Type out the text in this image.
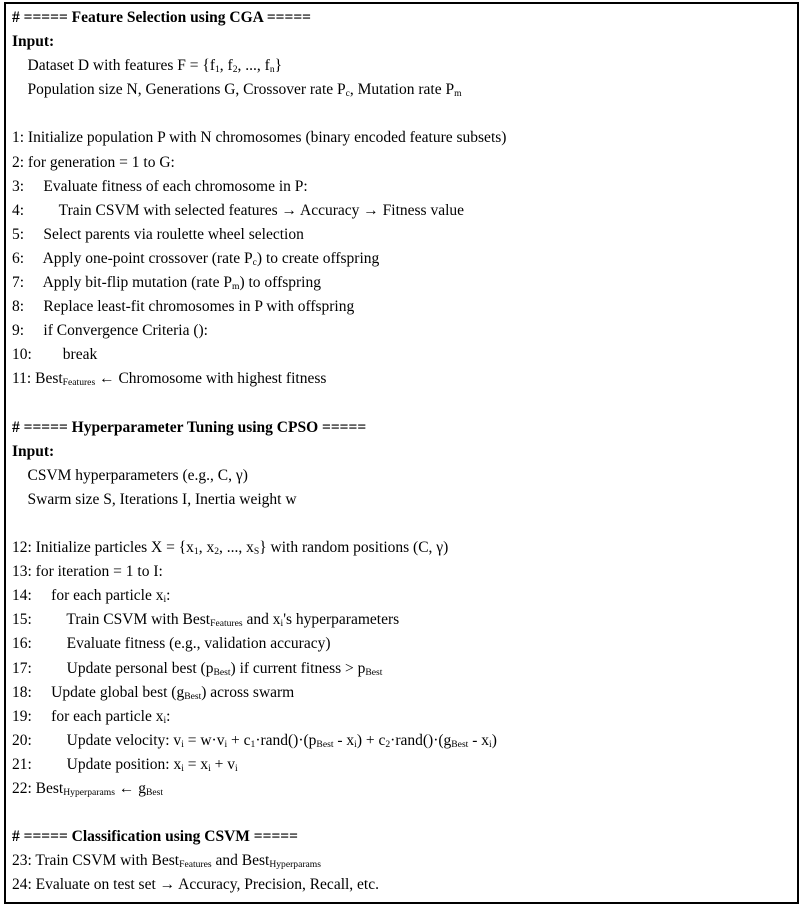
# ===== Feature Selection using CGA =====
Input:
Dataset D with features $F = \{f_1$, $f_2$, ..., $f_n$}
Population size N, Generations G, Crossover rate $P_c$, Mutation rate $P_m$

1: Initialize population P with N chromosomes (binary encoded feature subsets)
2: for generation = 1 to G:
3:     Evaluate fitness of each chromosome in P:
4:         Train CSVM with selected features → Accuracy → Fitness value
5:     Select parents via roulette wheel selection
6:     Apply one-point crossover (rate $P_c$) to create offspring
7:     Apply bit-flip mutation (rate $P_m$) to offspring
8:     Replace least-fit chromosomes in P with offspring
9:     if Convergence Criteria ():
10:        break
11: Best$_{Features}$ ← Chromosome with highest fitness

# ===== Hyperparameter Tuning using CPSO =====
Input:
CSVM hyperparameters (e.g., C, γ)
Swarm size S, Iterations I, Inertia weight w

12: Initialize particles $X = \{x_1$, $x_2$, ..., $x_S$} with random positions (C, γ)
13: for iteration = 1 to I:
14:     for each particle $x_i$:
15:         Train CSVM with Best$_{Features}$ and $x_i's$ hyperparameters
16:         Evaluate fitness (e.g., validation accuracy)
17:         Update personal best $(p_{Best})$ if current fitness > $p_{Best}$
18:     Update global best $(g_{Best})$ across swarm
19:     for each particle $x_i$:
20:         Update velocity: $v_i = w\cdot v_i$ + $c_1\cdot rand()\cdot(p_{Best} - x_i)$ + $c_2\cdot rand()\cdot(g_{Best} - x_i)$
21:         Update position: $x_i = x_i + v_i$
22: Best$_{Hyperparams}$ ← $g_{Best}$

# ===== Classification using CSVM =====
23: Train CSVM with Best$_{Features}$ and Best$_{Hyperparams}$
24: Evaluate on test set → Accuracy, Precision, Recall, etc.
